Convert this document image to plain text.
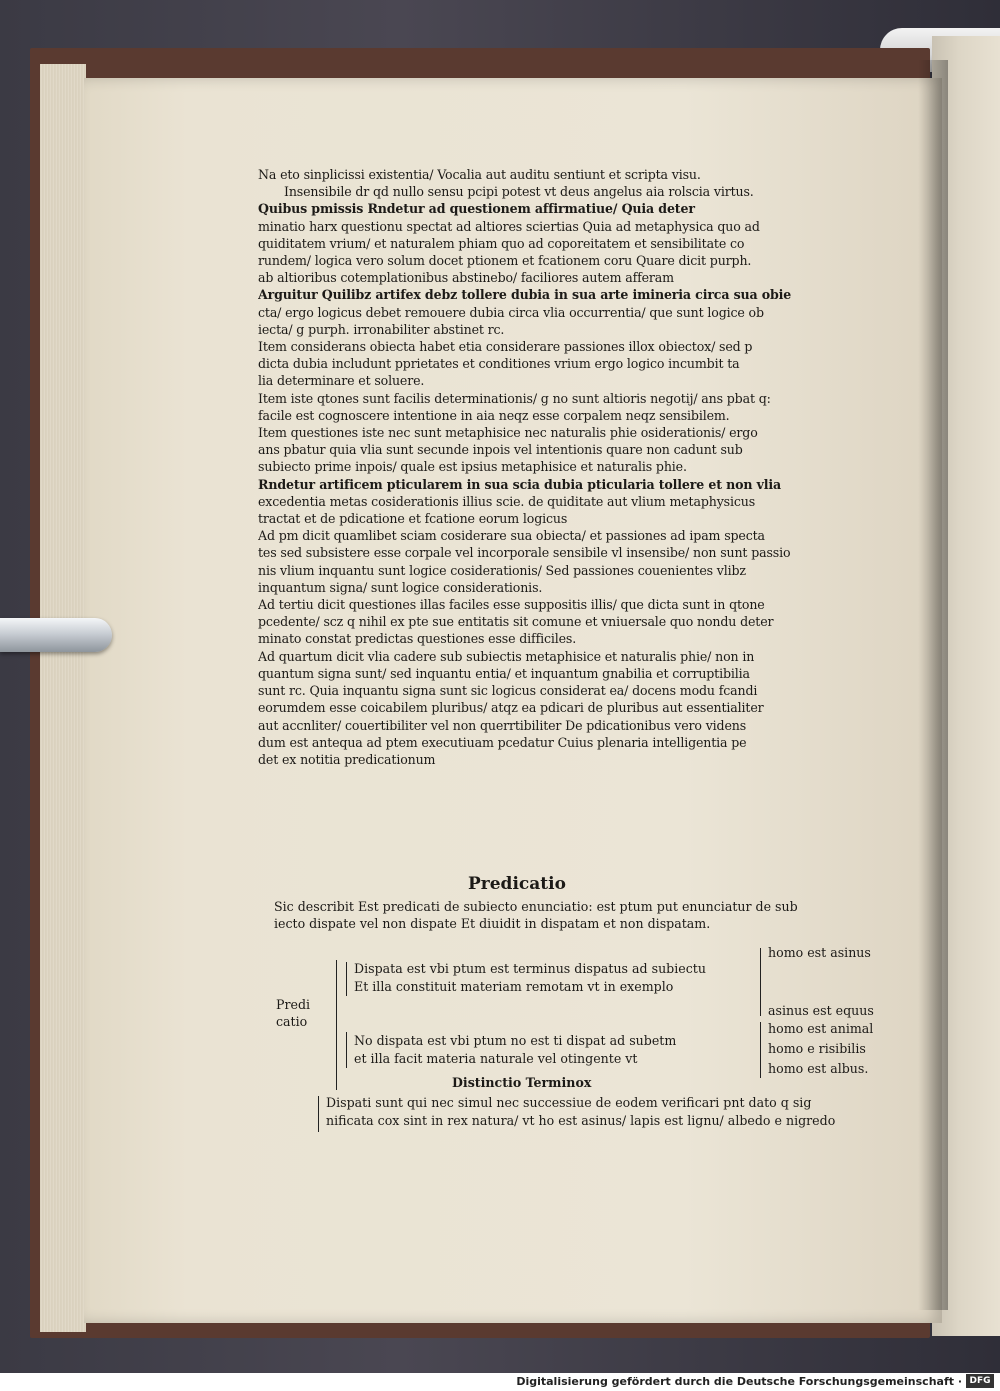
Na eto sinplicissi existentia/ Vocalia aut auditu sentiunt et scripta visu.
Insensibile dr qd nullo sensu pcipi potest vt deus angelus aia rolscia virtus.
Quibus pmissis Rndetur ad questionem affirmatiue/ Quia deter
minatio harx questionu spectat ad altiores sciertias Quia ad metaphysica quo ad
quiditatem vrium/ et naturalem phiam quo ad coporeitatem et sensibilitate co
rundem/ logica vero solum docet ptionem et fcationem coru Quare dicit purph.
ab altioribus cotemplationibus abstinebo/ faciliores autem afferam
Arguitur Quilibz artifex debz tollere dubia in sua arte imineria circa sua obie
cta/ ergo logicus debet remouere dubia circa vlia occurrentia/ que sunt logice ob
iecta/ g purph. irronabiliter abstinet rc.
Item considerans obiecta habet etia considerare passiones illox obiectox/ sed p
dicta dubia includunt pprietates et conditiones vrium ergo logico incumbit ta
lia determinare et soluere.
Item iste qtones sunt facilis determinationis/ g no sunt altioris negotij/ ans pbat q:
facile est cognoscere intentione in aia neqz esse corpalem neqz sensibilem.
Item questiones iste nec sunt metaphisice nec naturalis phie osiderationis/ ergo
ans pbatur quia vlia sunt secunde inpois vel intentionis quare non cadunt sub
subiecto prime inpois/ quale est ipsius metaphisice et naturalis phie.
Rndetur artificem pticularem in sua scia dubia pticularia tollere et non vlia
excedentia metas cosiderationis illius scie. de quiditate aut vlium metaphysicus
tractat et de pdicatione et fcatione eorum logicus
Ad pm dicit quamlibet sciam cosiderare sua obiecta/ et passiones ad ipam specta
tes sed subsistere esse corpale vel incorporale sensibile vl insensibe/ non sunt passio
nis vlium inquantu sunt logice cosiderationis/ Sed passiones couenientes vlibz
inquantum signa/ sunt logice considerationis.
Ad tertiu dicit questiones illas faciles esse suppositis illis/ que dicta sunt in qtone
pcedente/ scz q nihil ex pte sue entitatis sit comune et vniuersale quo nondu deter
minato constat predictas questiones esse difficiles.
Ad quartum dicit vlia cadere sub subiectis metaphisice et naturalis phie/ non in
quantum signa sunt/ sed inquantu entia/ et inquantum gnabilia et corruptibilia
sunt rc. Quia inquantu signa sunt sic logicus considerat ea/ docens modu fcandi
eorumdem esse coicabilem pluribus/ atqz ea pdicari de pluribus aut essentialiter
aut accnliter/ couertibiliter vel non querrtibiliter De pdicationibus vero videns
dum est antequa ad ptem executiuam pcedatur Cuius plenaria intelligentia pe
det ex notitia predicationum
Predicatio
Sic describit Est predicati de subiecto enunciatio: est ptum put enunciatur de sub
iecto dispate vel non dispate Et diuidit in dispatam et non dispatam.
Predi catio
Dispata est vbi ptum est terminus dispatus ad subiectu
Et illa constituit materiam remotam vt in exemplo
No dispata est vbi ptum no est ti dispat ad subetm
et illa facit materia naturale vel otingente vt
homo est asinus
asinus est equus
homo est animal
homo e risibilis
homo est albus.
Distinctio Terminox
Dispati sunt qui nec simul nec successiue de eodem verificari pnt dato q sig
nificata cox sint in rex natura/ vt ho est asinus/ lapis est lignu/ albedo e nigredo
Digitalisierung gefördert durch die Deutsche Forschungsgemeinschaft · DFG
